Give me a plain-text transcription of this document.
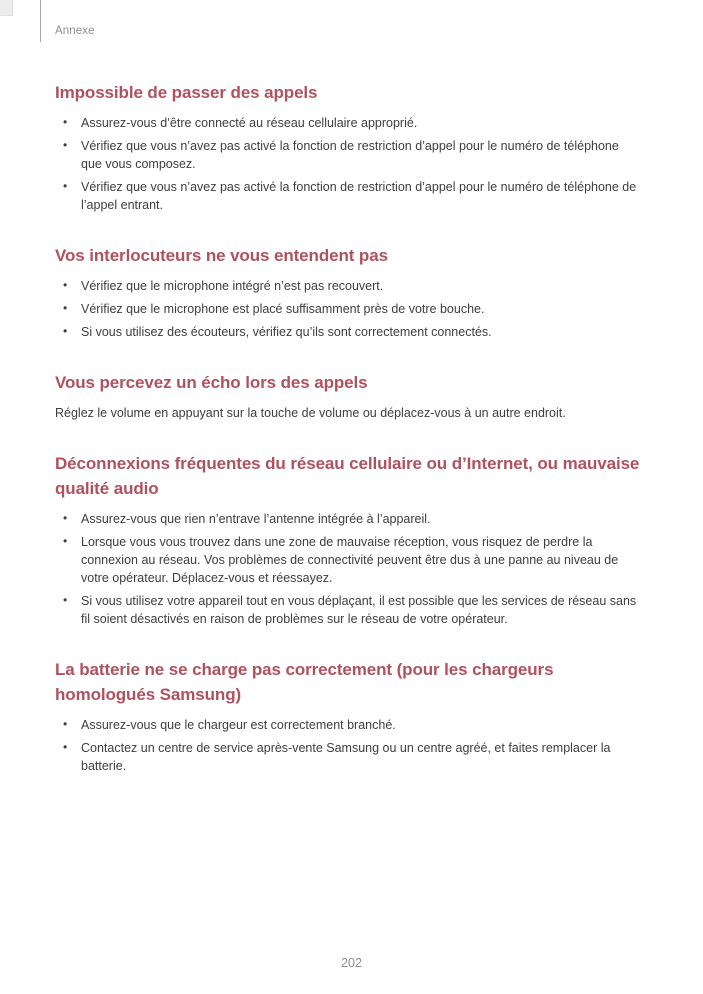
Annexe
Impossible de passer des appels
• Assurez-vous d’être connecté au réseau cellulaire approprié.
• Vérifiez que vous n’avez pas activé la fonction de restriction d’appel pour le numéro de téléphone que vous composez.
• Vérifiez que vous n’avez pas activé la fonction de restriction d’appel pour le numéro de téléphone de l’appel entrant.
Vos interlocuteurs ne vous entendent pas
• Vérifiez que le microphone intégré n’est pas recouvert.
• Vérifiez que le microphone est placé suffisamment près de votre bouche.
• Si vous utilisez des écouteurs, vérifiez qu’ils sont correctement connectés.
Vous percevez un écho lors des appels

Réglez le volume en appuyant sur la touche de volume ou déplacez-vous à un autre endroit.

Déconnexions fréquentes du réseau cellulaire ou d’Internet, ou mauvaise qualité audio
• Assurez-vous que rien n’entrave l’antenne intégrée à l’appareil.
• Lorsque vous vous trouvez dans une zone de mauvaise réception, vous risquez de perdre la connexion au réseau. Vos problèmes de connectivité peuvent être dus à une panne au niveau de votre opérateur. Déplacez-vous et réessayez.
• Si vous utilisez votre appareil tout en vous déplaçant, il est possible que les services de réseau sans fil soient désactivés en raison de problèmes sur le réseau de votre opérateur.
La batterie ne se charge pas correctement (pour les chargeurs homologués Samsung)
• Assurez-vous que le chargeur est correctement branché.
• Contactez un centre de service après-vente Samsung ou un centre agréé, et faites remplacer la batterie.
202
